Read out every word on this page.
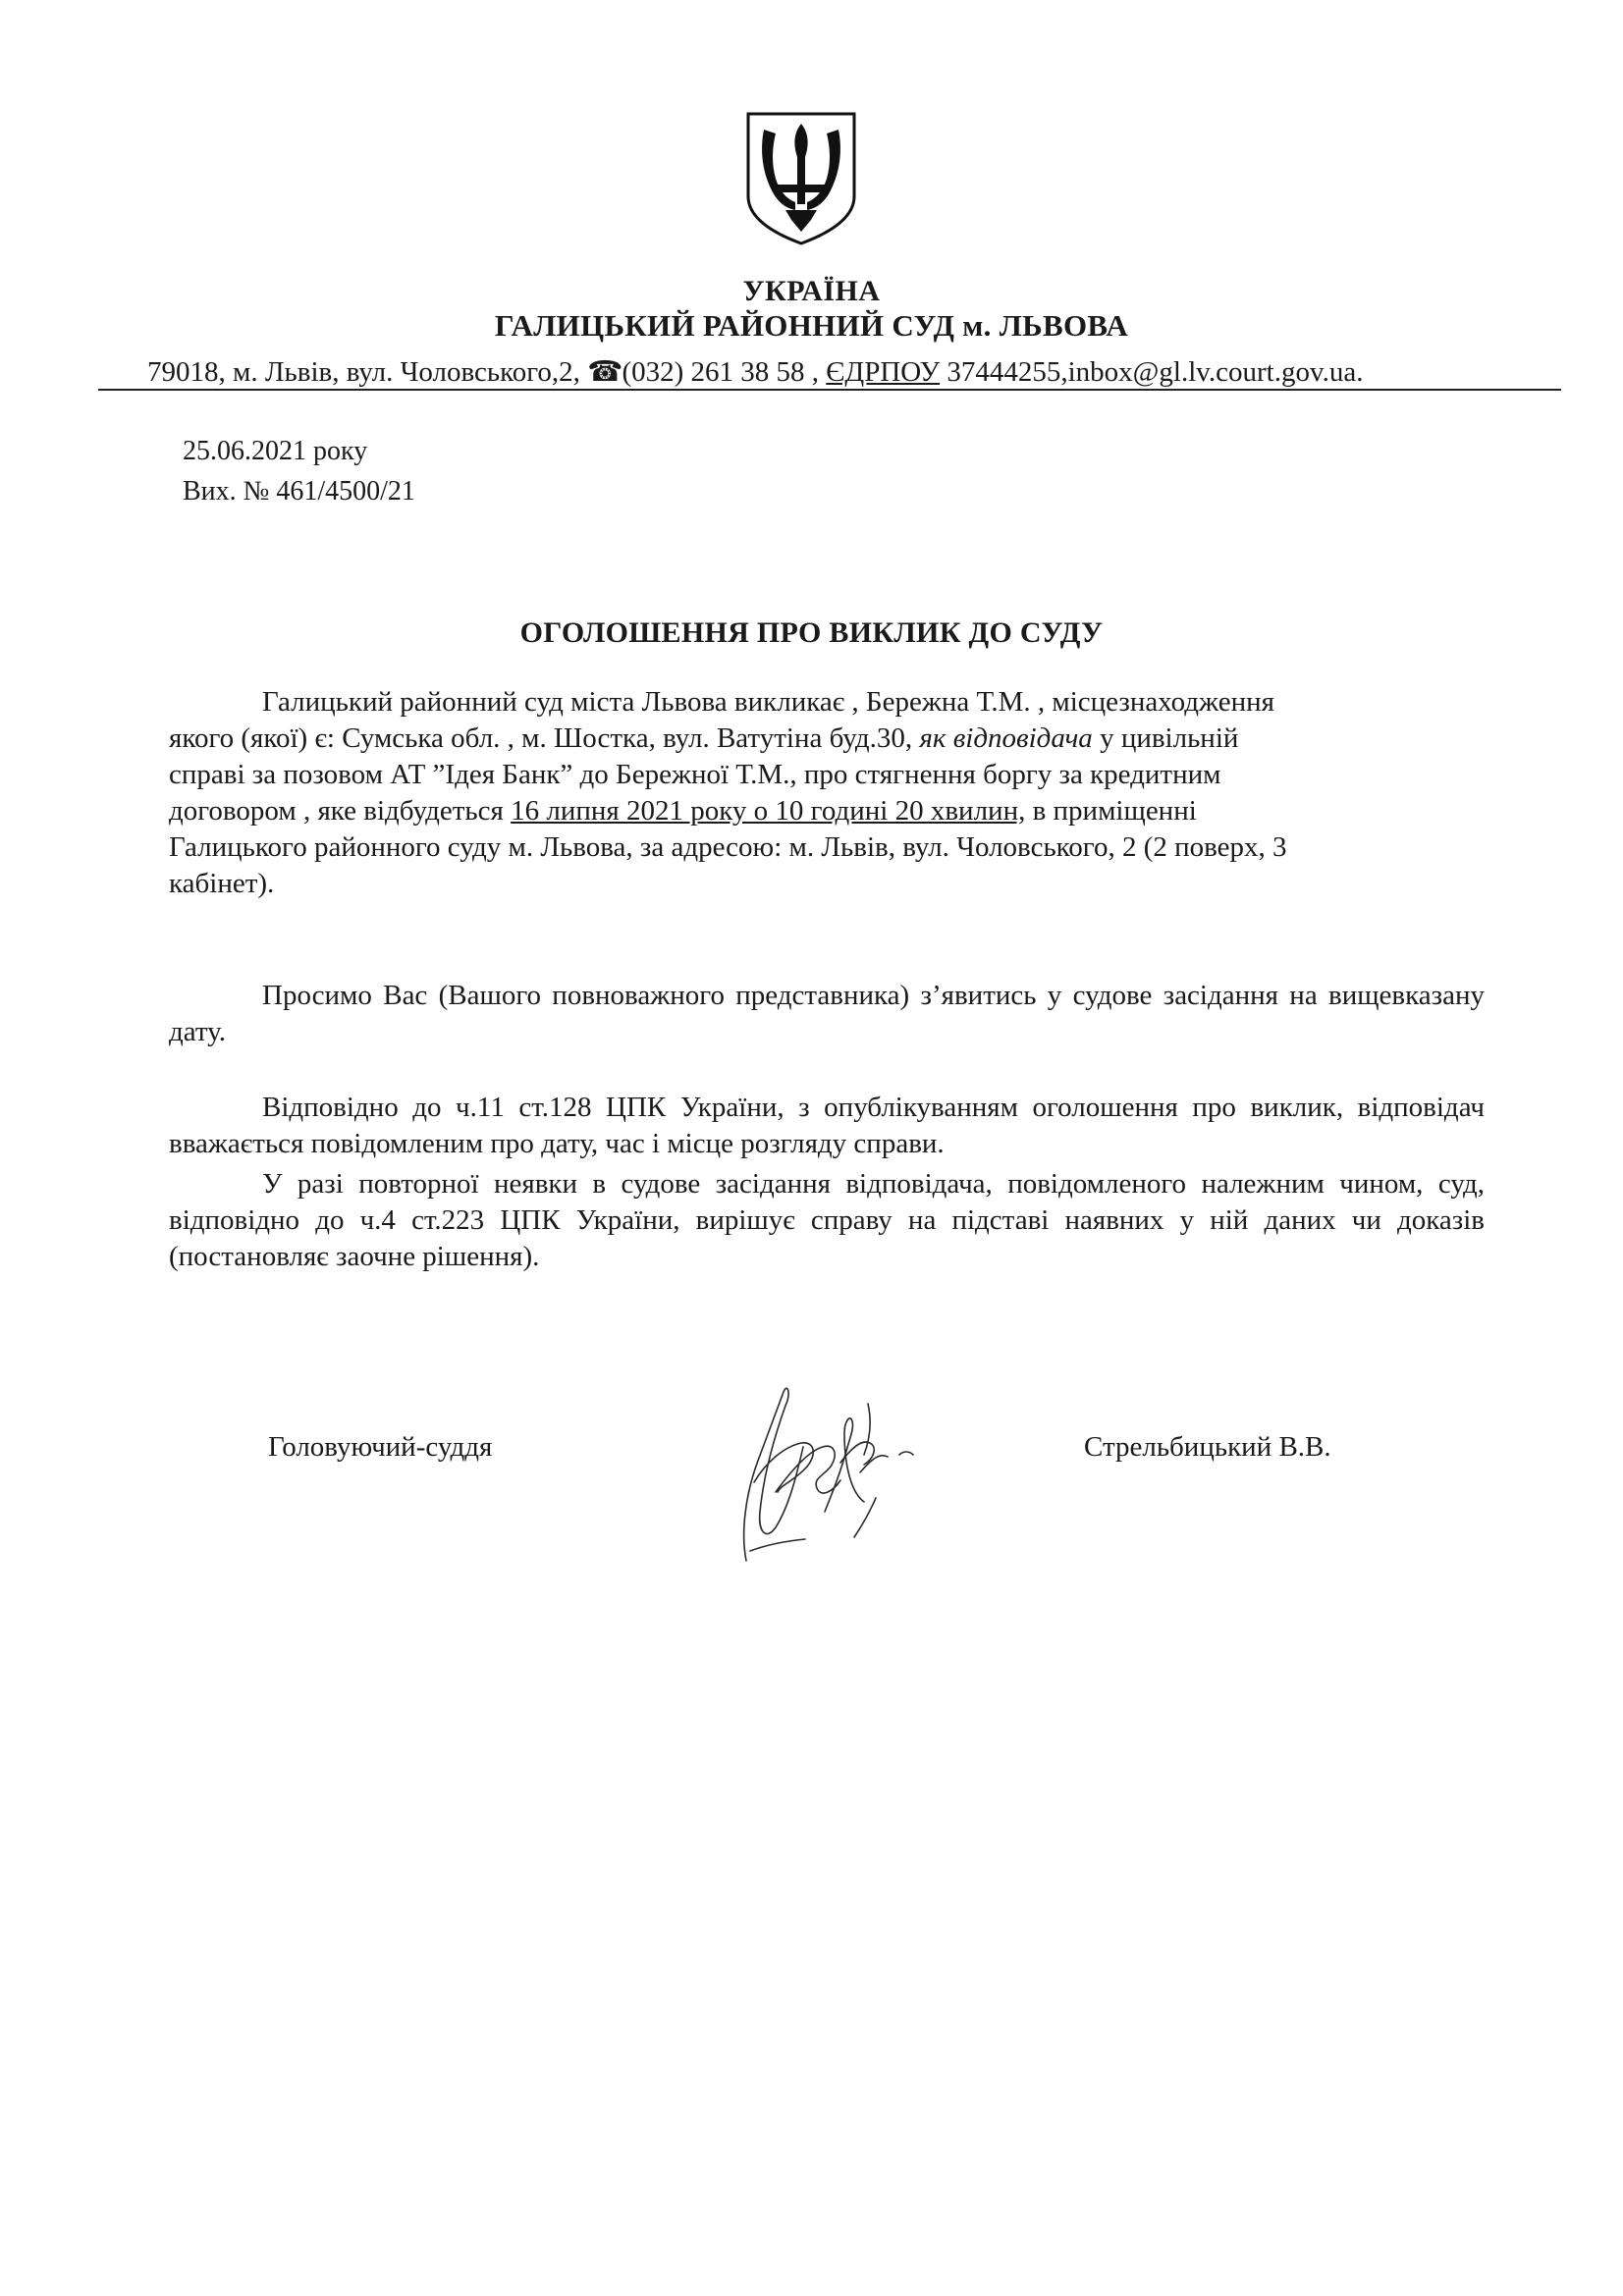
УКРАЇНА
ГАЛИЦЬКИЙ РАЙОННИЙ СУД м. ЛЬВОВА
79018, м. Львів, вул. Чоловського,2, ☎ (032) 261 38 58 , ЄДРПОУ 37444255,inbox@gl.lv.court.gov.ua.
25.06.2021 року
Вих. № 461/4500/21
ОГОЛОШЕННЯ ПРО ВИКЛИК ДО СУДУ
Галицький районний суд міста Львова викликає , Бережна Т.М. , місцезнаходження
якого (якої) є: Сумська обл. , м. Шостка, вул. Ватутіна буд.30, як відповідача у цивільній
справі за позовом АТ ”Ідея Банк” до Бережної Т.М., про стягнення боргу за кредитним
договором , яке відбудеться 16 липня 2021 року о 10 годині 20 хвилин, в приміщенні
Галицького районного суду м. Львова, за адресою: м. Львів, вул. Чоловського, 2 (2 поверх, 3
кабінет).

Просимо Вас (Вашого повноважного представника) з’явитись у судове засідання на вищевказану дату.

Відповідно до ч.11 ст.128 ЦПК України, з опублікуванням оголошення про виклик, відповідач вважається повідомленим про дату, час і місце розгляду справи.

У разі повторної неявки в судове засідання відповідача, повідомленого належним чином, суд, відповідно до ч.4 ст.223 ЦПК України, вирішує справу на підставі наявних у ній даних чи доказів (постановляє заочне рішення).

Головуючий-суддя	Стрельбицький В.В.
